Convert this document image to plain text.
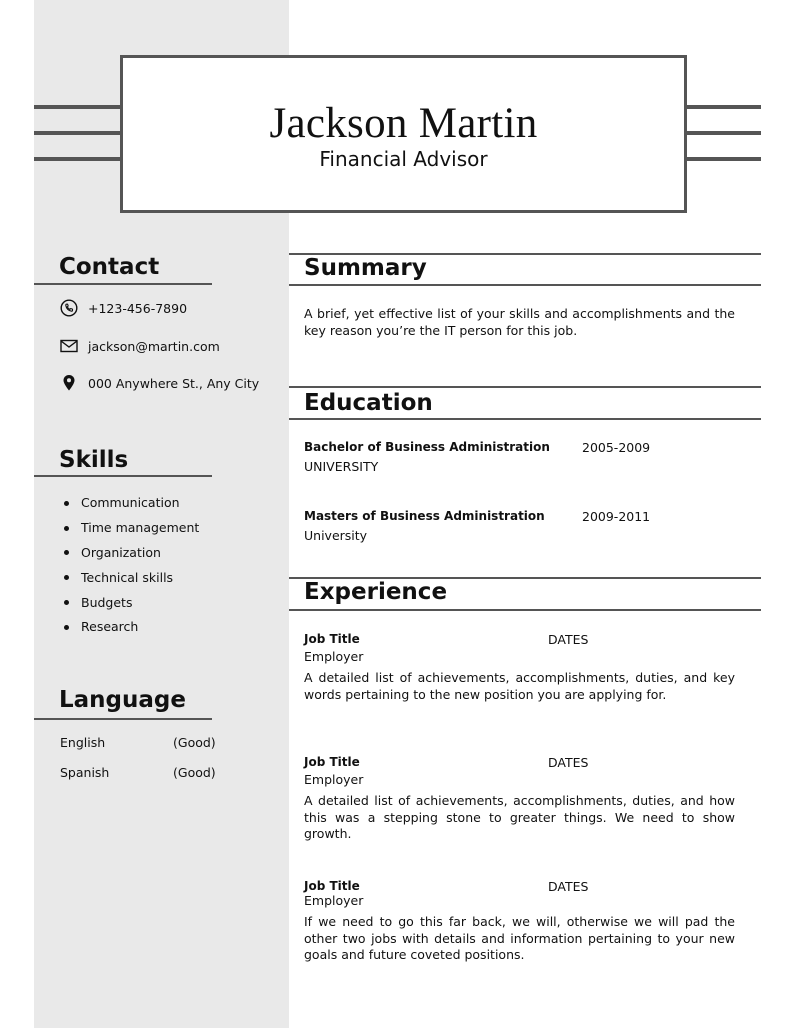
Jackson Martin
Financial Advisor
Contact
+123-456-7890
jackson@martin.com
000 Anywhere St., Any City
Skills
Communication
Time management
Organization
Technical skills
Budgets
Research
Language
English	(Good)
Spanish	(Good)
Summary
A brief, yet effective list of your skills and accomplishments and the key reason you’re the IT person for this job.
Education
Bachelor of Business Administration	2005-2009
UNIVERSITY
Masters of Business Administration	2009-2011
University
Experience
Job Title	DATES
Employer
A detailed list of achievements, accomplishments, duties, and key words pertaining to the new position you are applying for.
Job Title	DATES
Employer
A detailed list of achievements, accomplishments, duties, and how this was a stepping stone to greater things. We need to show growth.
Job Title	DATES
Employer
If we need to go this far back, we will, otherwise we will pad the other two jobs with details and information pertaining to your new goals and future coveted positions.
